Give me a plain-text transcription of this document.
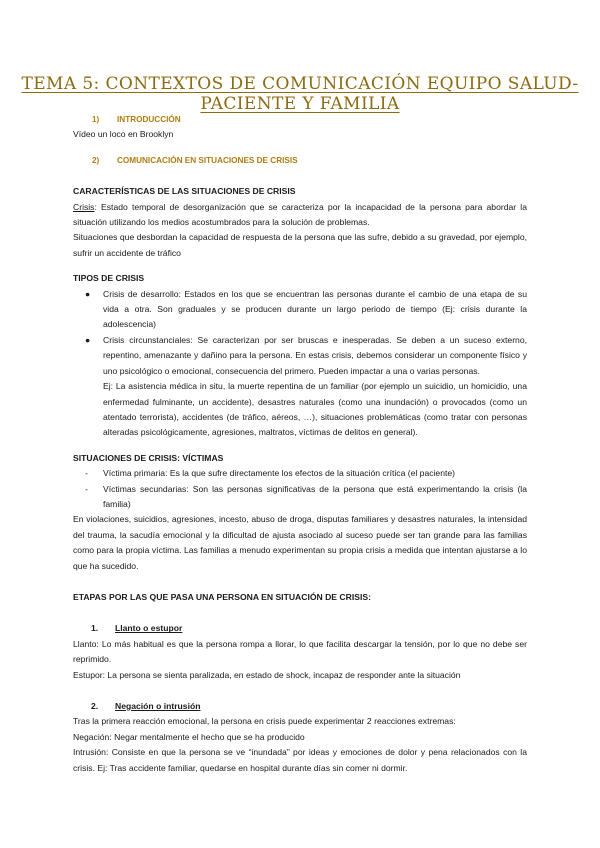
TEMA 5: CONTEXTOS DE COMUNICACIÓN EQUIPO SALUD-PACIENTE Y FAMILIA

1) INTRODUCCIÓN

Vídeo un loco en Brooklyn

2) COMUNICACIÓN EN SITUACIONES DE CRISIS

CARACTERÍSTICAS DE LAS SITUACIONES DE CRISIS

Crisis: Estado temporal de desorganización que se caracteriza por la incapacidad de la persona para abordar la situación utilizando los medios acostumbrados para la solución de problemas.

Situaciones que desbordan la capacidad de respuesta de la persona que las sufre, debido a su gravedad, por ejemplo, sufrir un accidente de tráfico

TIPOS DE CRISIS

● Crisis de desarrollo: Estados en los que se encuentran las personas durante el cambio de una etapa de su vida a otra. Son graduales y se producen durante un largo periodo de tiempo (Ej: crisis durante la adolescencia)
● Crisis circunstanciales: Se caracterizan por ser bruscas e inesperadas. Se deben a un suceso externo, repentino, amenazante y dañino para la persona. En estas crisis, debemos considerar un componente físico y uno psicológico o emocional, consecuencia del primero. Pueden impactar a una o varias personas.

Ej: La asistencia médica in situ, la muerte repentina de un familiar (por ejemplo un suicidio, un homicidio, una enfermedad fulminante, un accidente), desastres naturales (como una inundación) o provocados (como un atentado terrorista), accidentes (de tráfico, aéreos, …), situaciones problemáticas (como tratar con personas alteradas psicológicamente, agresiones, maltratos, víctimas de delitos en general).

SITUACIONES DE CRISIS: VÍCTIMAS

- Víctima primaria: Es la que sufre directamente los efectos de la situación crítica (el paciente)
- Víctimas secundarias: Son las personas significativas de la persona que está experimentando la crisis (la familia)

En violaciones, suicidios, agresiones, incesto, abuso de droga, disputas familiares y desastres naturales, la intensidad del trauma, la sacudía emocional y la dificultad de ajusta asociado al suceso puede ser tan grande para las familias como para la propia víctima. Las familias a menudo experimentan su propia crisis a medida que intentan ajustarse a lo que ha sucedido.

ETAPAS POR LAS QUE PASA UNA PERSONA EN SITUACIÓN DE CRISIS:

1. Llanto o estupor

Llanto: Lo más habitual es que la persona rompa a llorar, lo que facilita descargar la tensión, por lo que no debe ser reprimido.

Estupor: La persona se sienta paralizada, en estado de shock, incapaz de responder ante la situación

2. Negación o intrusión

Tras la primera reacción emocional, la persona en crisis puede experimentar 2 reacciones extremas:

Negación: Negar mentalmente el hecho que se ha producido

Intrusión: Consiste en que la persona se ve “inundada” por ideas y emociones de dolor y pena relacionados con la crisis. Ej: Tras accidente familiar, quedarse en hospital durante días sin comer ni dormir.
